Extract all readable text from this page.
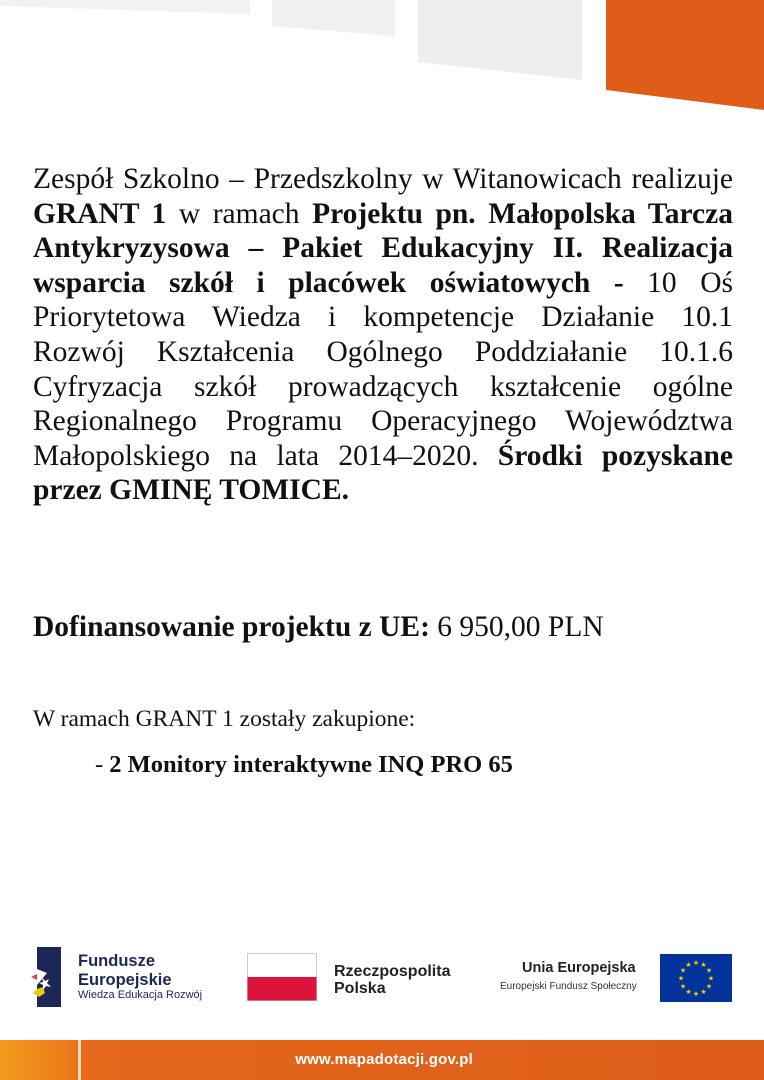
Zespół Szkolno – Przedszkolny w Witanowicach realizuje GRANT 1 w ramach Projektu pn. Małopolska Tarcza Antykryzysowa – Pakiet Edukacyjny II. Realizacja wsparcia szkół i placówek oświatowych - 10 Oś Priorytetowa Wiedza i kompetencje Działanie 10.1 Rozwój Kształcenia Ogólnego Poddziałanie 10.1.6 Cyfryzacja szkół prowadzących kształcenie ogólne Regionalnego Programu Operacyjnego Województwa Małopolskiego na lata 2014–2020. Środki pozyskane przez GMINĘ TOMICE.
Dofinansowanie projektu z UE: 6 950,00 PLN
W ramach GRANT 1 zostały zakupione:
- 2 Monitory interaktywne INQ PRO 65
Fundusze
Europejskie
Wiedza Edukacja Rozwój
Rzeczpospolita
Polska
Unia Europejska
Europejski Fundusz Społeczny
★ ★
★
★
★
★
★
★
★
★
★
★
www.mapadotacji.gov.pl
